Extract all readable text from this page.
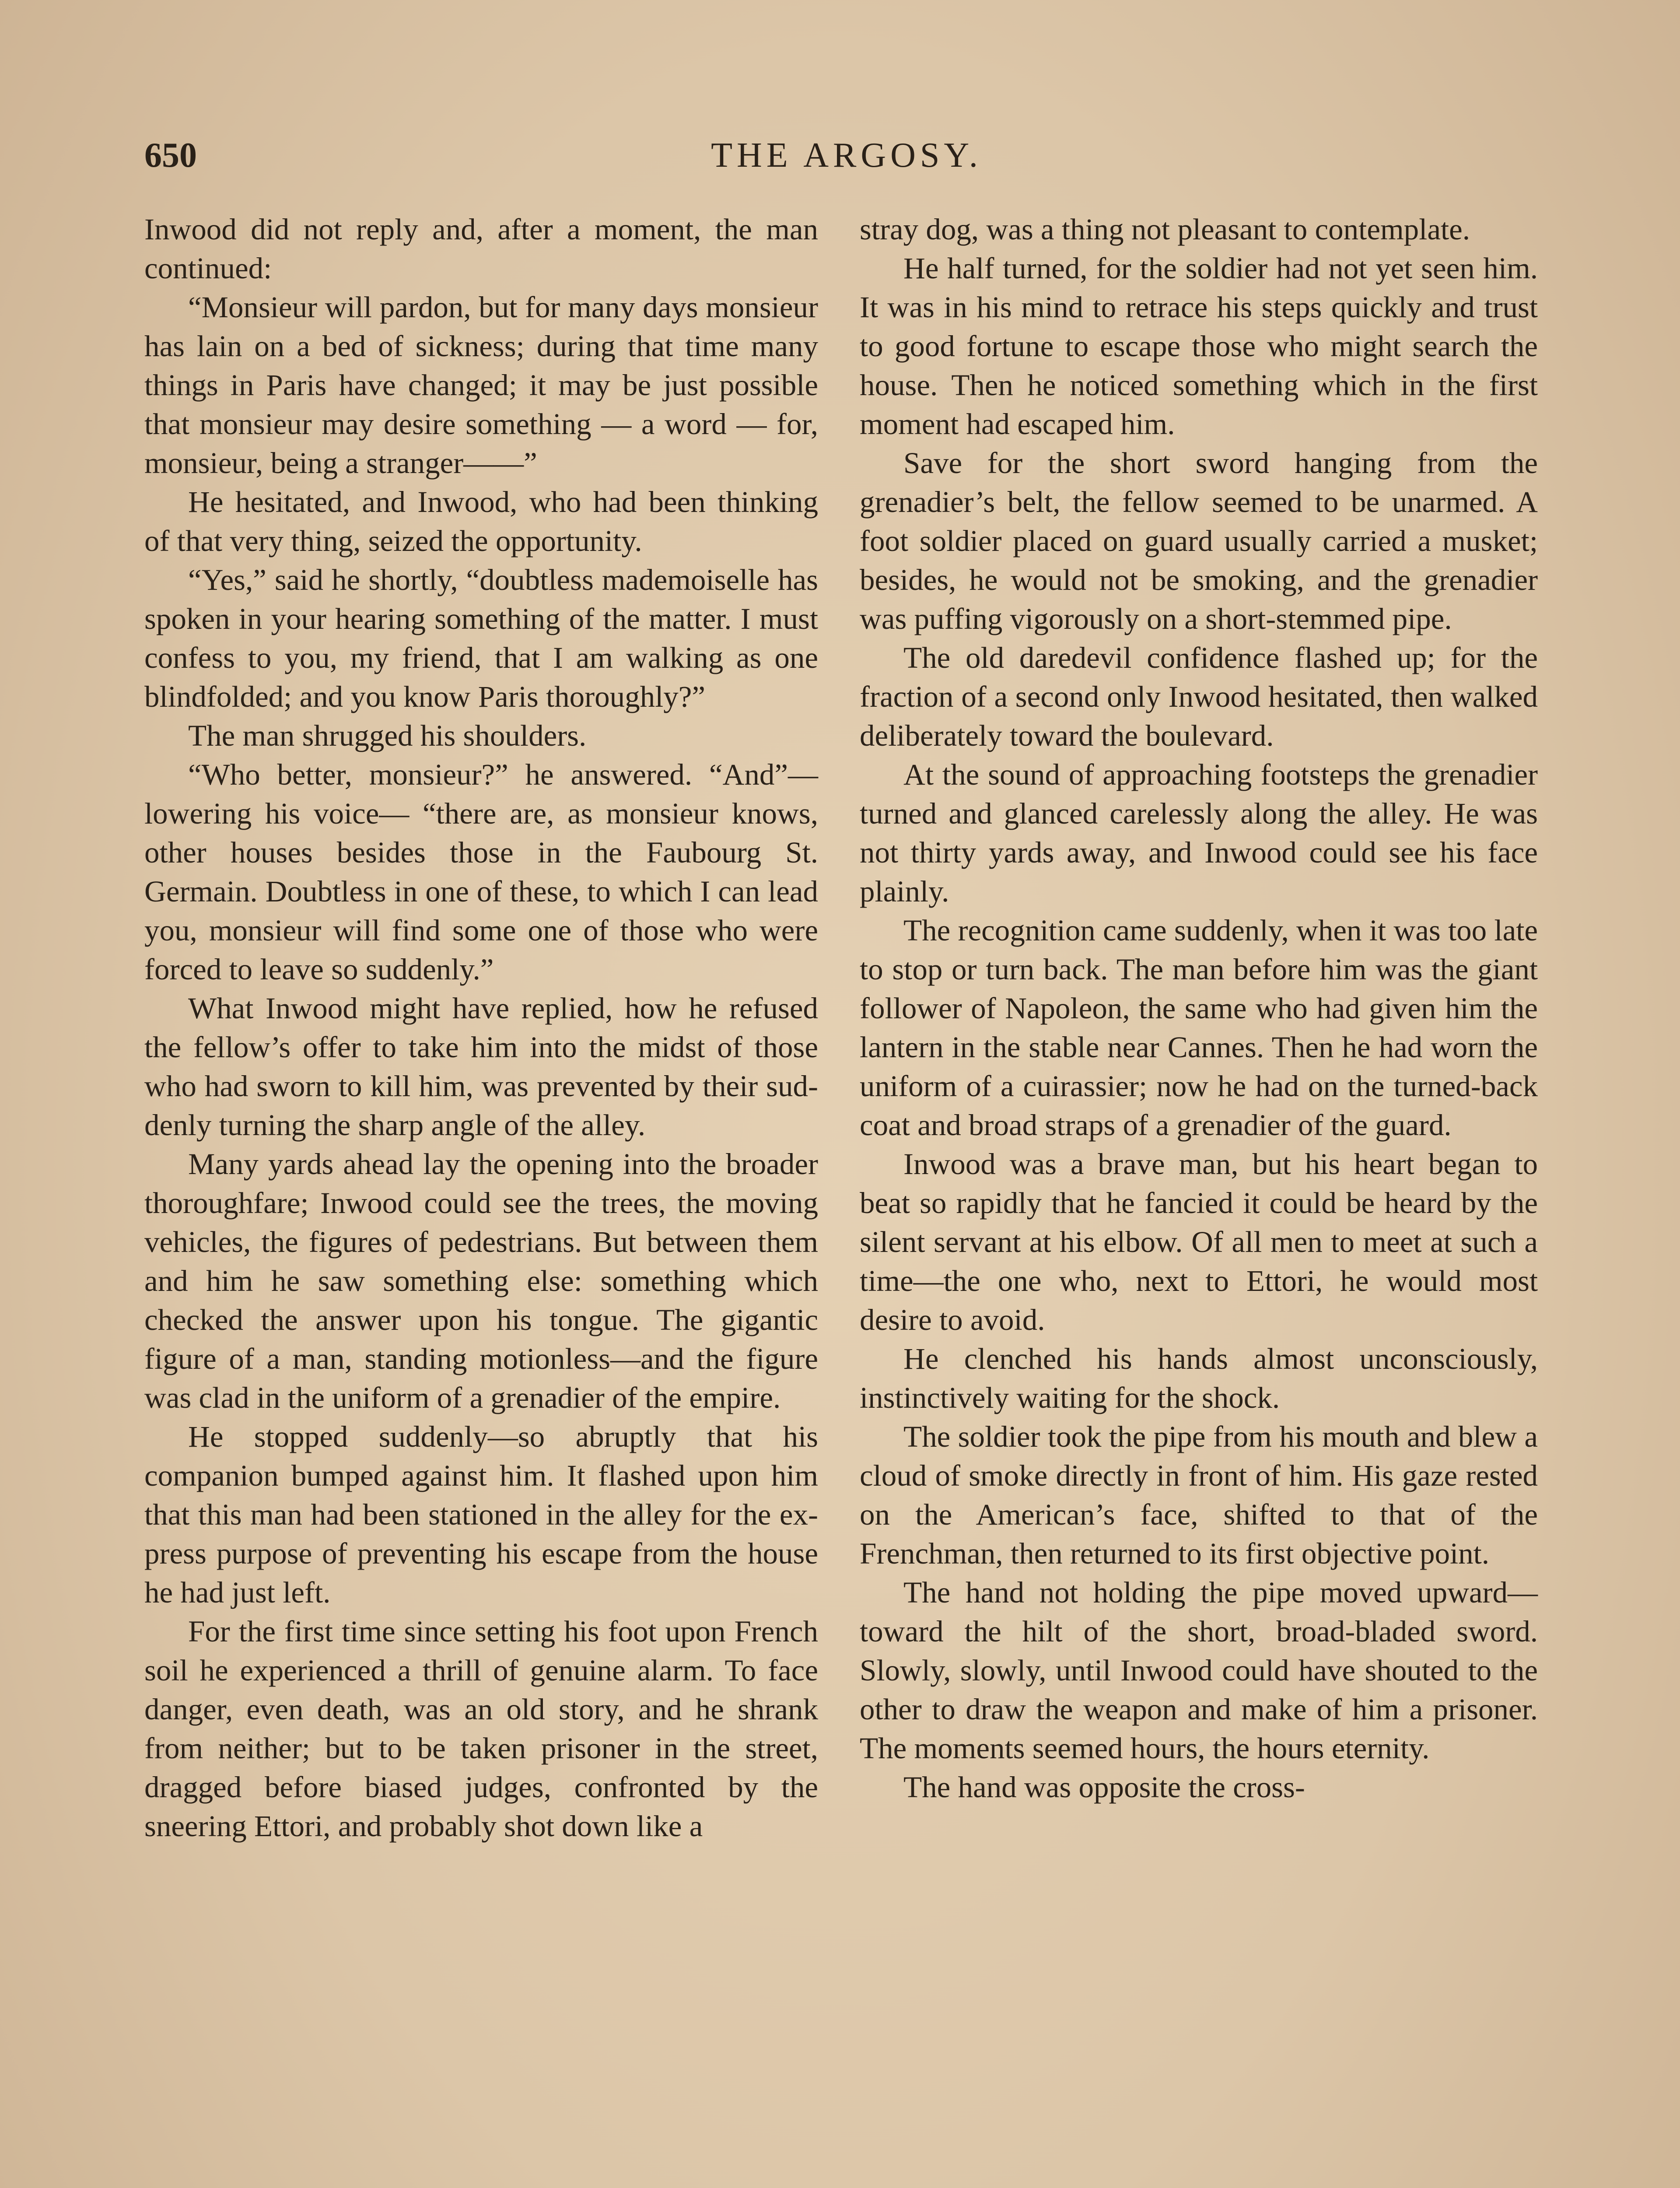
650	THE ARGOSY.

Inwood did not reply and, after a moment, the man continued:

“Monsieur will pardon, but for many days monsieur has lain on a bed of sickness; during that time many things in Paris have changed; it may be just possible that monsieur may desire something — a word — for, monsieur, being a stranger——”

He hesitated, and Inwood, who had been thinking of that very thing, seized the opportunity.

“Yes,” said he shortly, “doubtless mademoiselle has spoken in your hearing something of the matter. I must confess to you, my friend, that I am walking as one blindfolded; and you know Paris thoroughly?”

The man shrugged his shoulders.

“Who better, monsieur?” he answered. “And”—lowering his voice— “there are, as monsieur knows, other houses besides those in the Faubourg St. Germain. Doubtless in one of these, to which I can lead you, monsieur will find some one of those who were forced to leave so suddenly.”

What Inwood might have replied, how he refused the fellow’s offer to take him into the midst of those who had sworn to kill him, was prevented by their suddenly turning the sharp angle of the alley.

Many yards ahead lay the opening into the broader thoroughfare; Inwood could see the trees, the moving vehicles, the figures of pedestrians. But between them and him he saw something else: something which checked the answer upon his tongue. The gigantic figure of a man, standing motionless—and the figure was clad in the uniform of a grenadier of the empire.

He stopped suddenly—so abruptly that his companion bumped against him. It flashed upon him that this man had been stationed in the alley for the express purpose of preventing his escape from the house he had just left.

For the first time since setting his foot upon French soil he experienced a thrill of genuine alarm. To face danger, even death, was an old story, and he shrank from neither; but to be taken prisoner in the street, dragged before biased judges, confronted by the sneering Ettori, and probably shot down like a

stray dog, was a thing not pleasant to contemplate.

He half turned, for the soldier had not yet seen him. It was in his mind to retrace his steps quickly and trust to good fortune to escape those who might search the house. Then he noticed something which in the first moment had escaped him.

Save for the short sword hanging from the grenadier’s belt, the fellow seemed to be unarmed. A foot soldier placed on guard usually carried a musket; besides, he would not be smoking, and the grenadier was puffing vigorously on a short-stemmed pipe.

The old daredevil confidence flashed up; for the fraction of a second only Inwood hesitated, then walked deliberately toward the boulevard.

At the sound of approaching footsteps the grenadier turned and glanced carelessly along the alley. He was not thirty yards away, and Inwood could see his face plainly.

The recognition came suddenly, when it was too late to stop or turn back. The man before him was the giant follower of Napoleon, the same who had given him the lantern in the stable near Cannes. Then he had worn the uniform of a cuirassier; now he had on the turned-back coat and broad straps of a grenadier of the guard.

Inwood was a brave man, but his heart began to beat so rapidly that he fancied it could be heard by the silent servant at his elbow. Of all men to meet at such a time—the one who, next to Ettori, he would most desire to avoid.

He clenched his hands almost unconsciously, instinctively waiting for the shock.

The soldier took the pipe from his mouth and blew a cloud of smoke directly in front of him. His gaze rested on the American’s face, shifted to that of the Frenchman, then returned to its first objective point.

The hand not holding the pipe moved upward—toward the hilt of the short, broad-bladed sword. Slowly, slowly, until Inwood could have shouted to the other to draw the weapon and make of him a prisoner. The moments seemed hours, the hours eternity.

The hand was opposite the cross-
